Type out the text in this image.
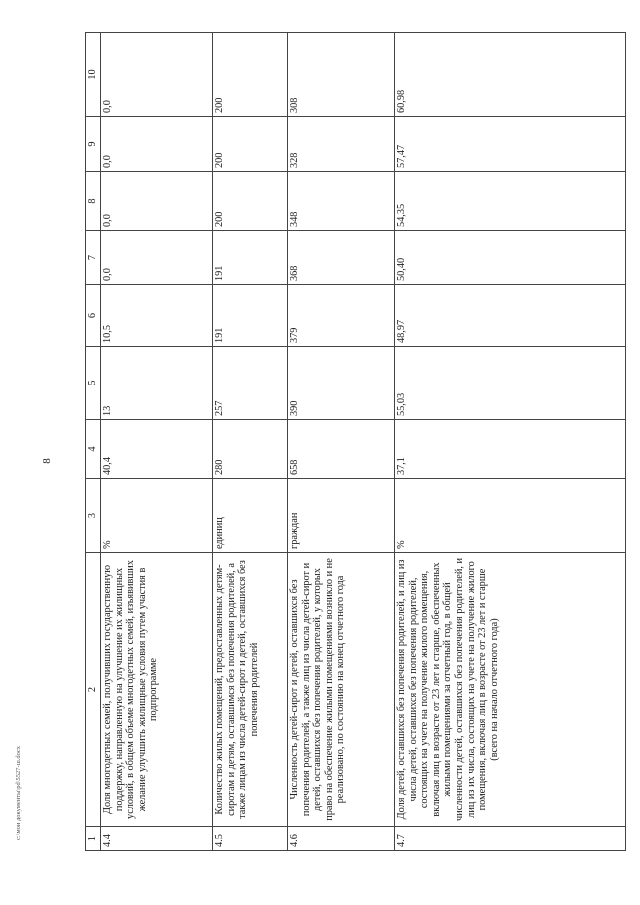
8
1	2	3	4	5	6	7	8	9	10
4.4	Доля многодетных семей, получивших государственную поддержку, направленную на улучшение их жилищных условий, в общем объеме многодетных семей, изъявивших желание улучшить жилищные условия путем участия в подпрограмме	%	40,4	13	10,5	0,0	0,0	0,0	0,0
4.5	Количество жилых помещений, предоставленных детям-сиротам и детям, оставшимся без попечения родителей, а также лицам из числа детей-сирот и детей, оставшихся без попечения родителей	единиц	280	257	191	191	200	200	200
4.6	Численность детей-сирот и детей, оставшихся без попечения родителей, а также лиц из числа детей-сирот и детей, оставшихся без попечения родителей, у которых право на обеспечение жилыми помещениями возникло и не реализовано, по состоянию на конец отчетного года	граждан	658	390	379	368	348	328	308
4.7	Доля детей, оставшихся без попечения родителей, и лиц из числа детей, оставшихся без попечения родителей, состоящих на учете на получение жилого помещения, включая лиц в возрасте от 23 лет и старше, обеспеченных жилыми помещениями за отчетный год, в общей численности детей, оставшихся без попечения родителей, и лиц из их числа, состоящих на учете на получение жилого помещения, включая лиц в возрасте от 23 лет и старше (всего на начало отчетного года)	%	37,1	55,03	48,97	50,40	54,35	57,47	60,98
c:\мои документы\pd\5527-ш.docx
